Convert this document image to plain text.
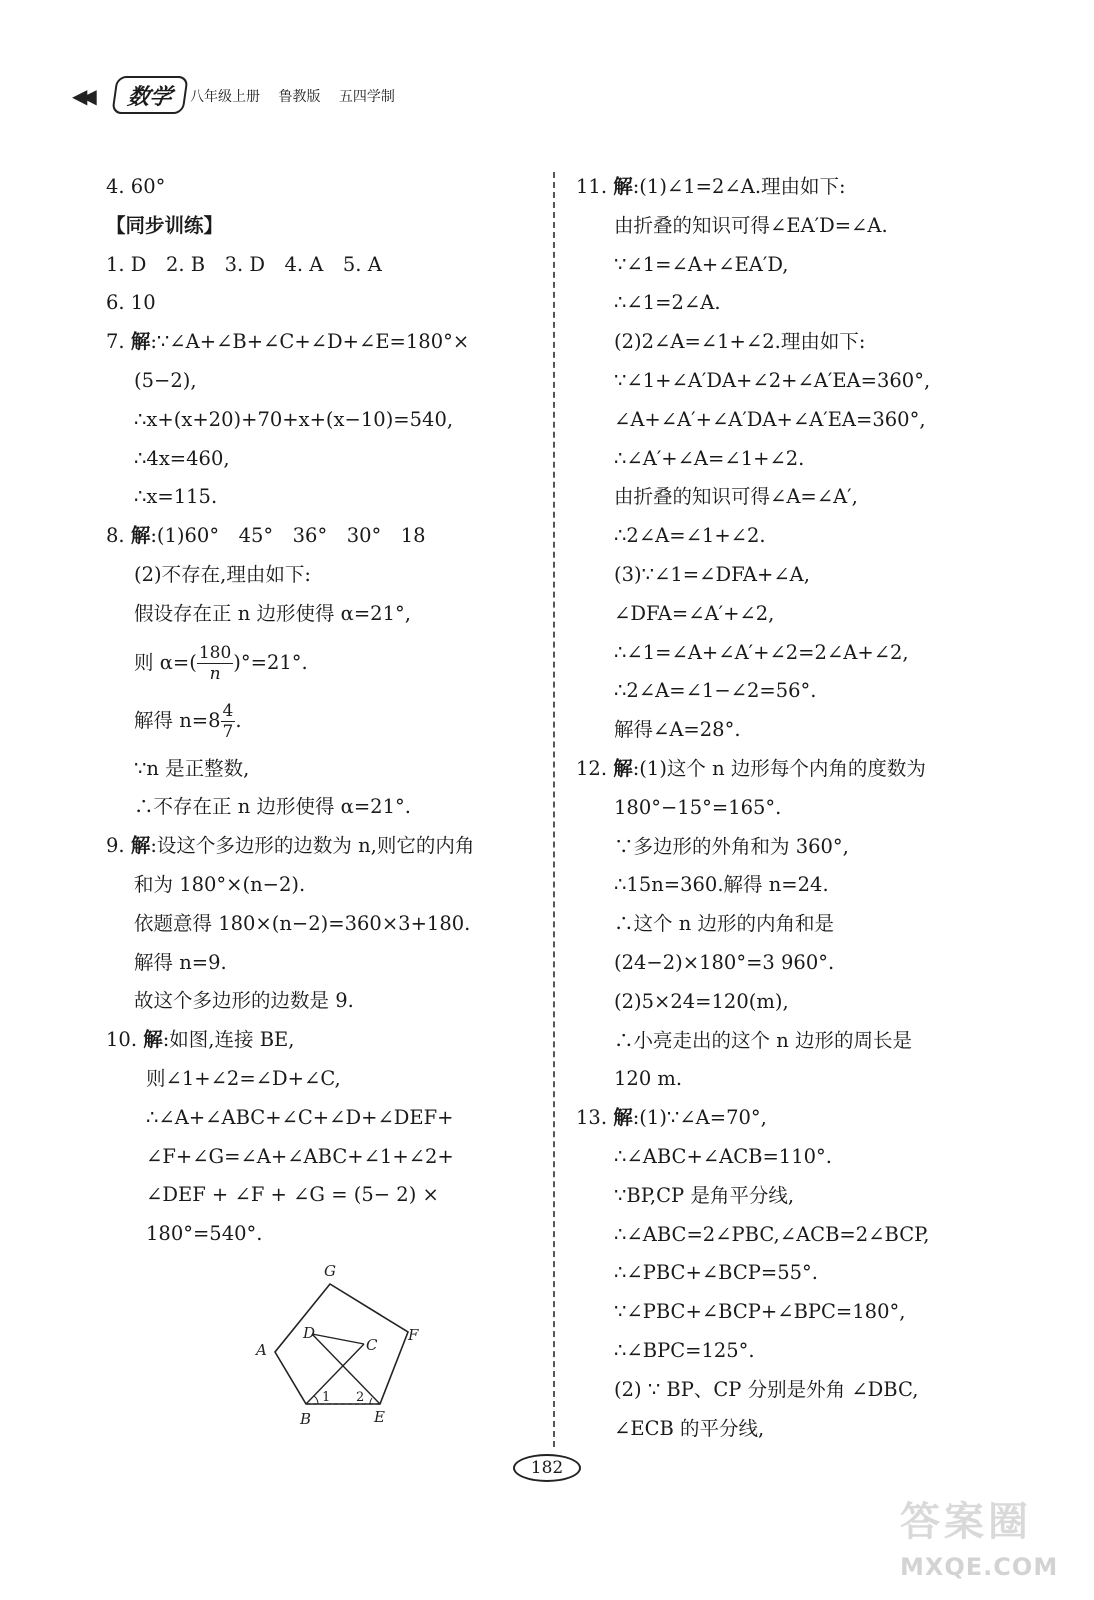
◀◀	数学	八年级上册 鲁教版 五四学制
4. 60°
【同步训练】
1. D　2. B　3. D　4. A　5. A
6. 10
7. 解:∵∠A+∠B+∠C+∠D+∠E=180°×
(5−2),
∴x+(x+20)+70+x+(x−10)=540,
∴4x=460,
∴x=115.
8. 解:(1)60°　45°　36°　30°　18
(2)不存在,理由如下:
假设存在正 n 边形使得 α=21°,
则 $\alpha=( \frac{180}{n} )^\circ=21^\circ$.
解得 $n=8 \frac{4}{7}$ .
∵n 是正整数,
∴不存在正 n 边形使得 α=21°.
9. 解:设这个多边形的边数为 n,则它的内角
和为 180°×(n−2).
依题意得 180×(n−2)=360×3+180.
解得 n=9.
故这个多边形的边数是 9.
10. 解:如图,连接 BE,
则∠1+∠2=∠D+∠C,
∴∠A+∠ABC+∠C+∠D+∠DEF+
∠F+∠G=∠A+∠ABC+∠1+∠2+
∠DEF + ∠F + ∠G = (5− 2) ×
180°=540°.
G
A
F
D
C
B	E
1 2
11. 解:(1)∠1=2∠A.理由如下:
由折叠的知识可得∠EA′D=∠A.
∵∠1=∠A+∠EA′D,
∴∠1=2∠A.
(2)2∠A=∠1+∠2.理由如下:
∵∠1+∠A′DA+∠2+∠A′EA=360°,
∠A+∠A′+∠A′DA+∠A′EA=360°,
∴∠A′+∠A=∠1+∠2.
由折叠的知识可得∠A=∠A′,
∴2∠A=∠1+∠2.
(3)∵∠1=∠DFA+∠A,
∠DFA=∠A′+∠2,
∴∠1=∠A+∠A′+∠2=2∠A+∠2,
∴2∠A=∠1−∠2=56°.
解得∠A=28°.
12. 解:(1)这个 n 边形每个内角的度数为
180°−15°=165°.
∵多边形的外角和为 360°,
∴15n=360.解得 n=24.
∴这个 n 边形的内角和是
(24−2)×180°=3 960°.
(2)5×24=120(m),
∴小亮走出的这个 n 边形的周长是
120 m.
13. 解:(1)∵∠A=70°,
∴∠ABC+∠ACB=110°.
∵BP,CP 是角平分线,
∴∠ABC=2∠PBC,∠ACB=2∠BCP,
∴∠PBC+∠BCP=55°.
∵∠PBC+∠BCP+∠BPC=180°,
∴∠BPC=125°.
(2) ∵ BP、CP 分别是外角 ∠DBC,
∠ECB 的平分线,
182
答案圈
MXQE.COM
